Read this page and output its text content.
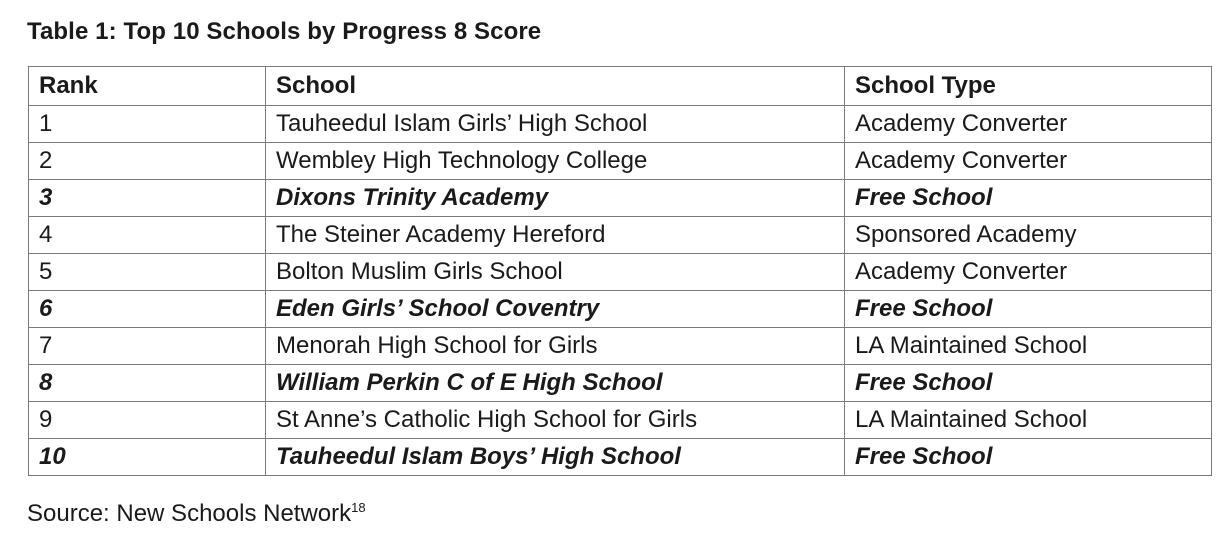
Table 1: Top 10 Schools by Progress 8 Score
Rank	School	School Type
1	Tauheedul Islam Girls’ High School	Academy Converter
2	Wembley High Technology College	Academy Converter
3	Dixons Trinity Academy	Free School
4	The Steiner Academy Hereford	Sponsored Academy
5	Bolton Muslim Girls School	Academy Converter
6	Eden Girls’ School Coventry	Free School
7	Menorah High School for Girls	LA Maintained School
8	William Perkin C of E High School	Free School
9	St Anne’s Catholic High School for Girls	LA Maintained School
10	Tauheedul Islam Boys’ High School	Free School
Source: New Schools Network$^{18}$
